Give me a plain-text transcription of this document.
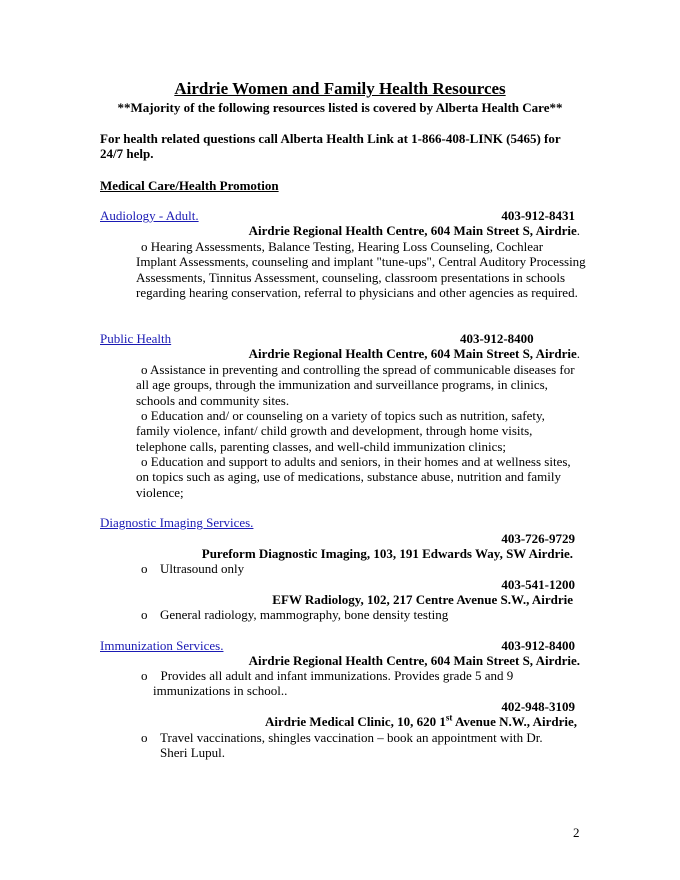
Airdrie Women and Family Health Resources
**Majority of the following resources listed is covered by Alberta Health Care**
For health related questions call Alberta Health Link at 1-866-408-LINK (5465) for 24/7 help.
Medical Care/Health Promotion
Audiology - Adult.	403-912-8431
Airdrie Regional Health Centre, 604 Main Street S, Airdrie.
o Hearing Assessments, Balance Testing, Hearing Loss Counseling, Cochlear Implant Assessments, counseling and implant "tune-ups", Central Auditory Processing Assessments, Tinnitus Assessment, counseling, classroom presentations in schools regarding hearing conservation, referral to physicians and other agencies as required.
Public Health	403-912-8400
Airdrie Regional Health Centre, 604 Main Street S, Airdrie.
o Assistance in preventing and controlling the spread of communicable diseases for all age groups, through the immunization and surveillance programs, in clinics, schools and community sites.
o Education and/ or counseling on a variety of topics such as nutrition, safety, family violence, infant/ child growth and development, through home visits, telephone calls, parenting classes, and well-child immunization clinics;
o Education and support to adults and seniors, in their homes and at wellness sites, on topics such as aging, use of medications, substance abuse, nutrition and family violence;
Diagnostic Imaging Services.
403-726-9729
Pureform Diagnostic Imaging, 103, 191 Edwards Way, SW Airdrie.
o Ultrasound only
403-541-1200
EFW Radiology, 102, 217 Centre Avenue S.W., Airdrie
o General radiology, mammography, bone density testing
Immunization Services.	403-912-8400
Airdrie Regional Health Centre, 604 Main Street S, Airdrie.
o Provides all adult and infant immunizations. Provides grade 5 and 9 immunizations in school..
402-948-3109
Airdrie Medical Clinic, 10, 620 1st Avenue N.W., Airdrie,
o Travel vaccinations, shingles vaccination – book an appointment with Dr. Sheri Lupul.
2
